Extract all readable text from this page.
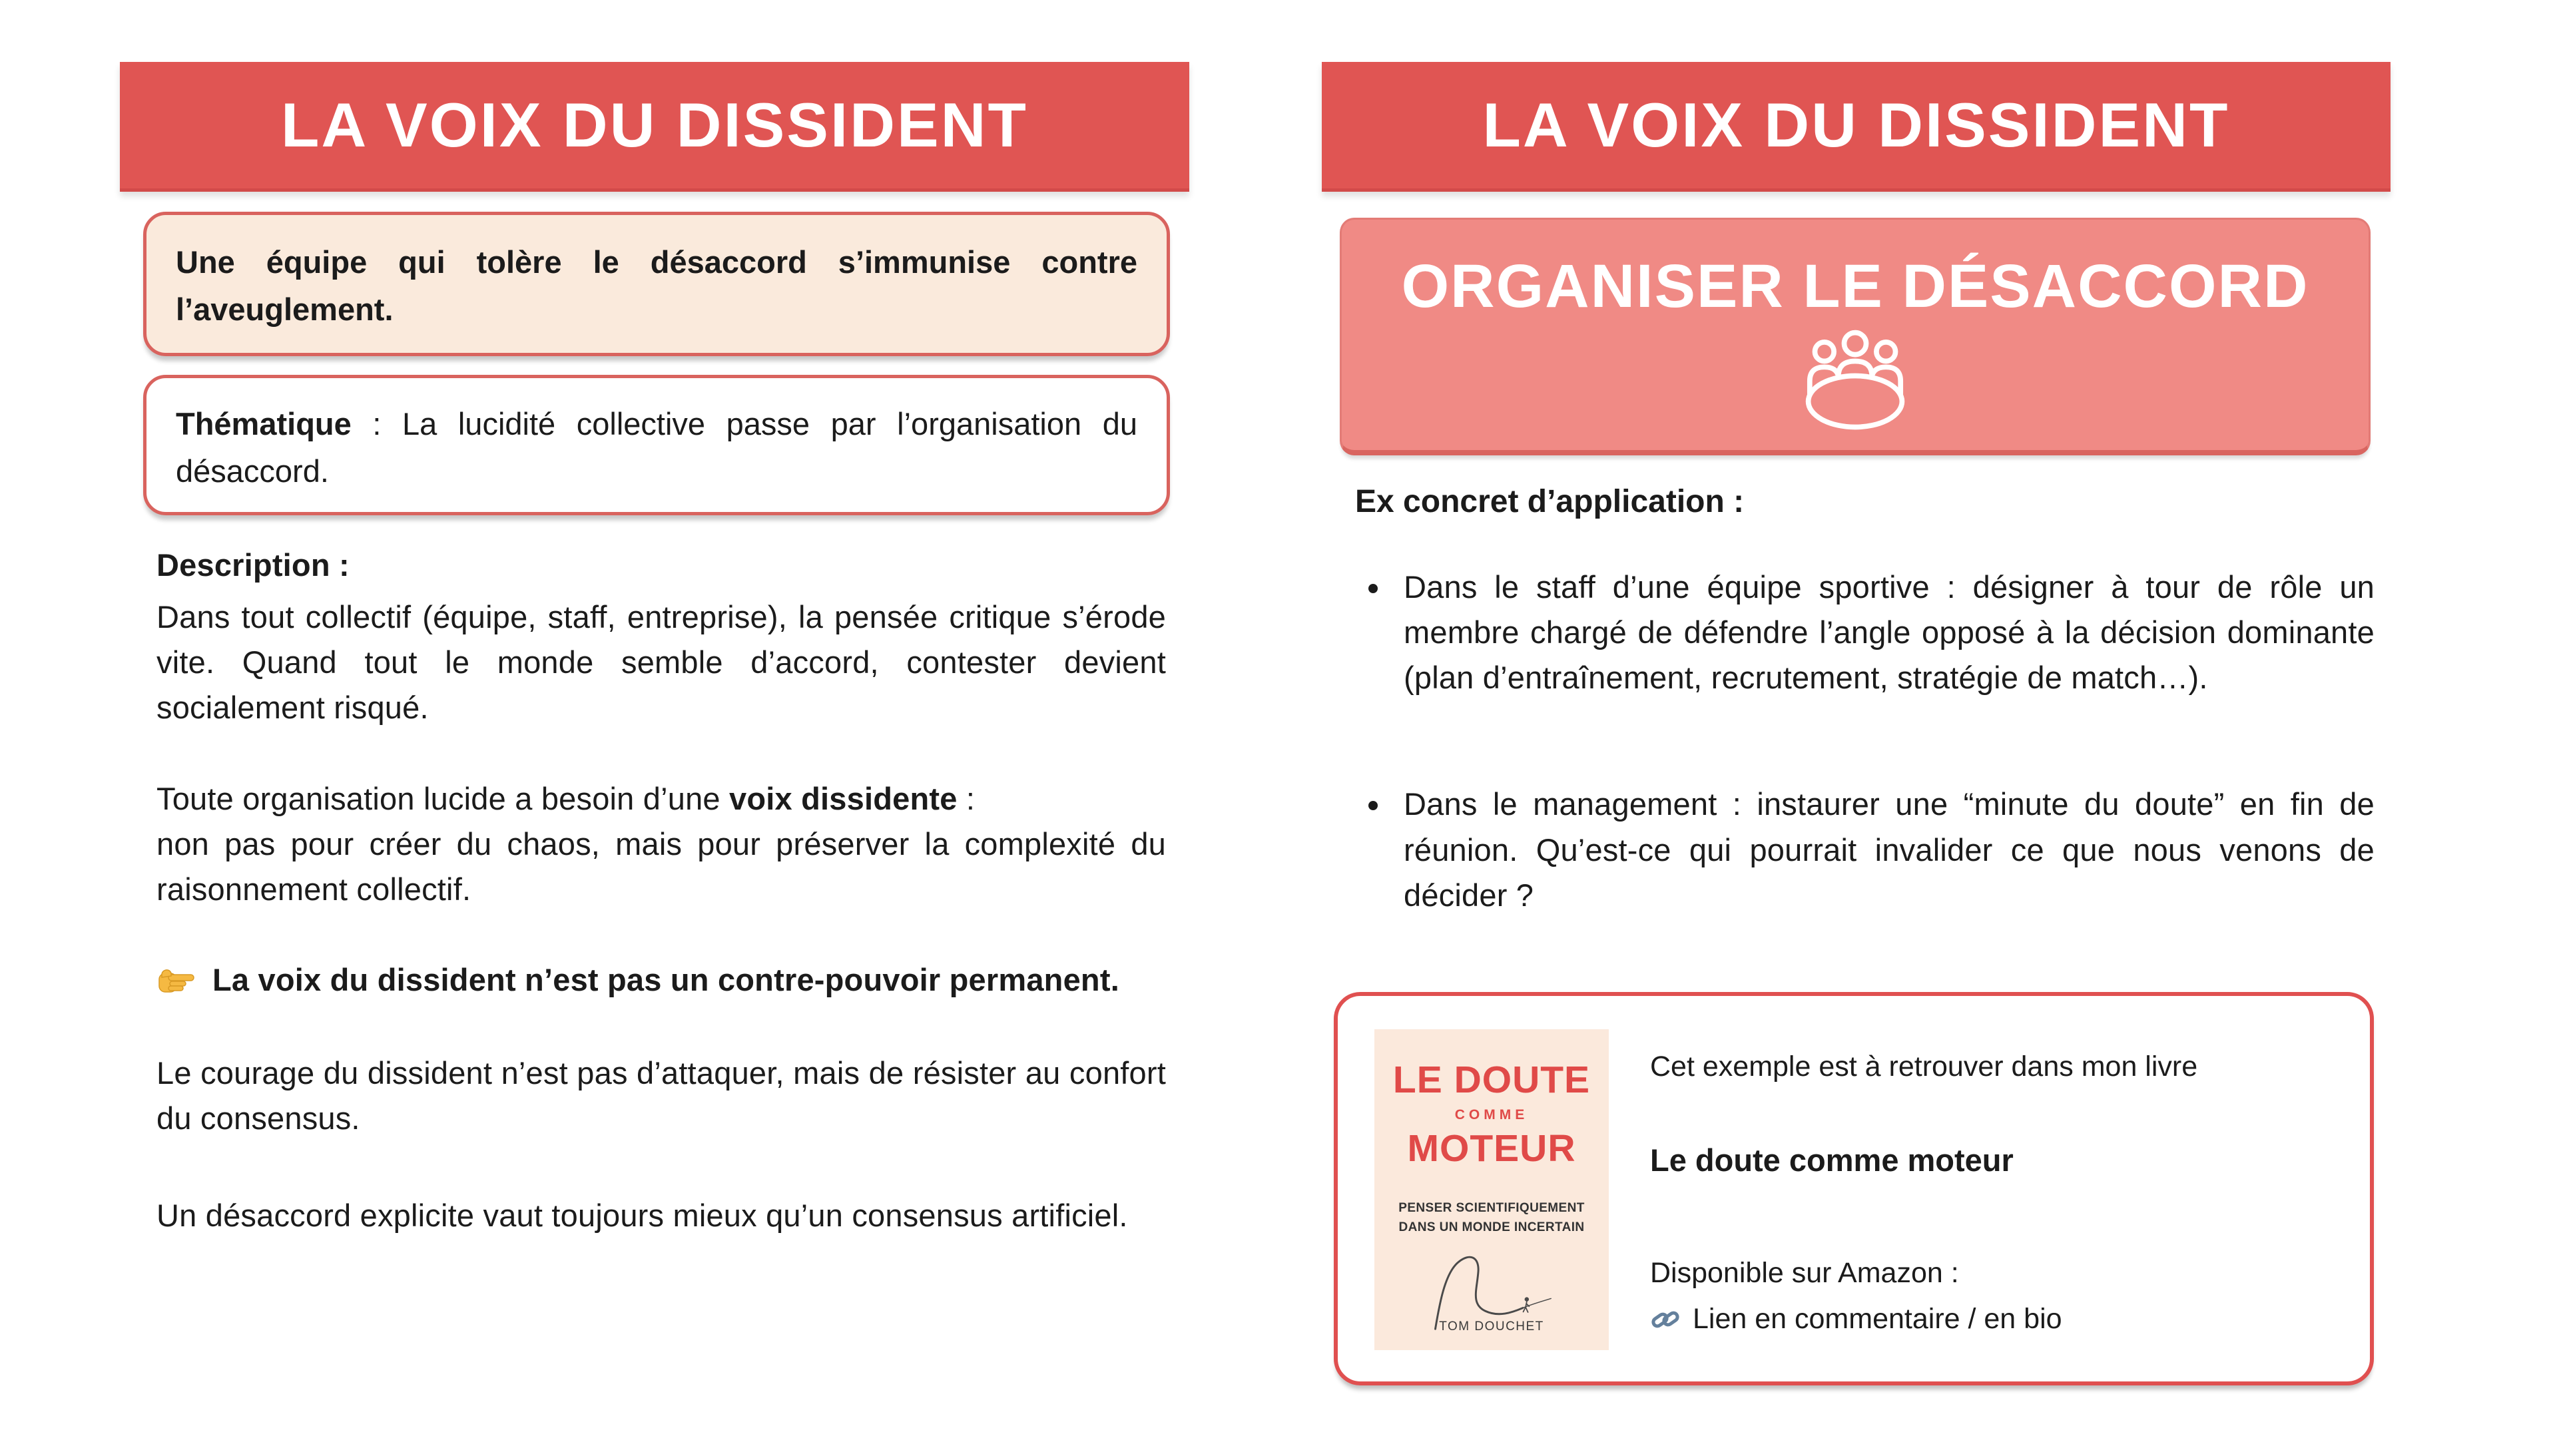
LA VOIX DU DISSIDENT

Une équipe qui tolère le désaccord s’immunise contre l’aveuglement.

Thématique : La lucidité collective passe par l’organisation du désaccord.

Description :

Dans tout collectif (équipe, staff, entreprise), la pensée critique s’érode vite. Quand tout le monde semble d’accord, contester devient socialement risqué.

Toute organisation lucide a besoin d’une voix dissidente :
non pas pour créer du chaos, mais pour préserver la complexité du raisonnement collectif.

La voix du dissident n’est pas un contre-pouvoir permanent.

Le courage du dissident n’est pas d’attaquer, mais de résister au confort du consensus.

Un désaccord explicite vaut toujours mieux qu’un consensus artificiel.

LA VOIX DU DISSIDENT
ORGANISER LE DÉSACCORD

Ex concret d’application :

• Dans le staff d’une équipe sportive : désigner à tour de rôle un membre chargé de défendre l’angle opposé à la décision dominante (plan d’entraînement, recrutement, stratégie de match…).
• Dans le management : instaurer une “minute du doute” en fin de réunion. Qu’est-ce qui pourrait invalider ce que nous venons de décider ?
LE DOUTE
COMME
MOTEUR
PENSER SCIENTIFIQUEMENT DANS UN MONDE INCERTAIN
TOM DOUCHET

Cet exemple est à retrouver dans mon livre

Le doute comme moteur

Disponible sur Amazon :

Lien en commentaire / en bio
